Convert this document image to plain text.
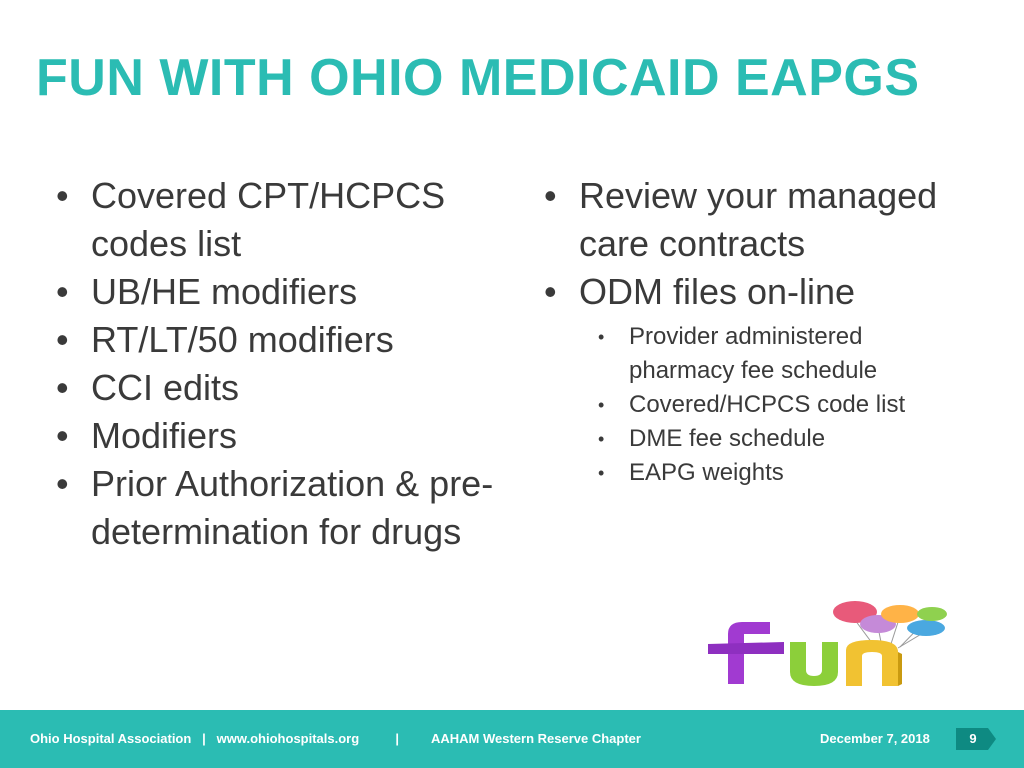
FUN WITH OHIO MEDICAID EAPGS
• Covered CPT/HCPCS codes list
• UB/HE modifiers
• RT/LT/50 modifiers
• CCI edits
• Modifiers
• Prior Authorization & pre-determination for drugs
• Review your managed care contracts
• ODM files on-line
•	Provider administered pharmacy fee schedule
•	Covered/HCPCS code list
•	DME fee schedule
•	EAPG weights
Ohio Hospital Association | www.ohiohospitals.org	| AAHAM Western Reserve Chapter	December 7, 2018	9
